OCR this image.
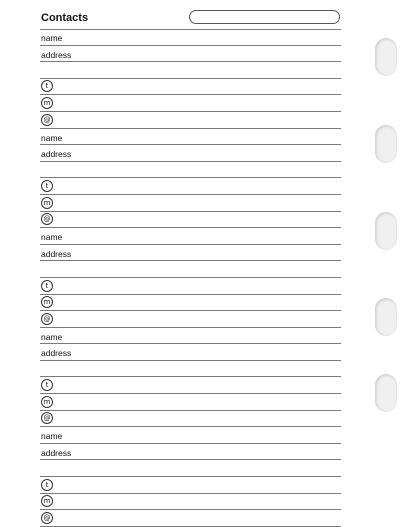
Contacts
name
address
t
m
@
name
address
t
m
@
name
address
t
m
@
name
address
t
m
@
name
address
t
m
@
